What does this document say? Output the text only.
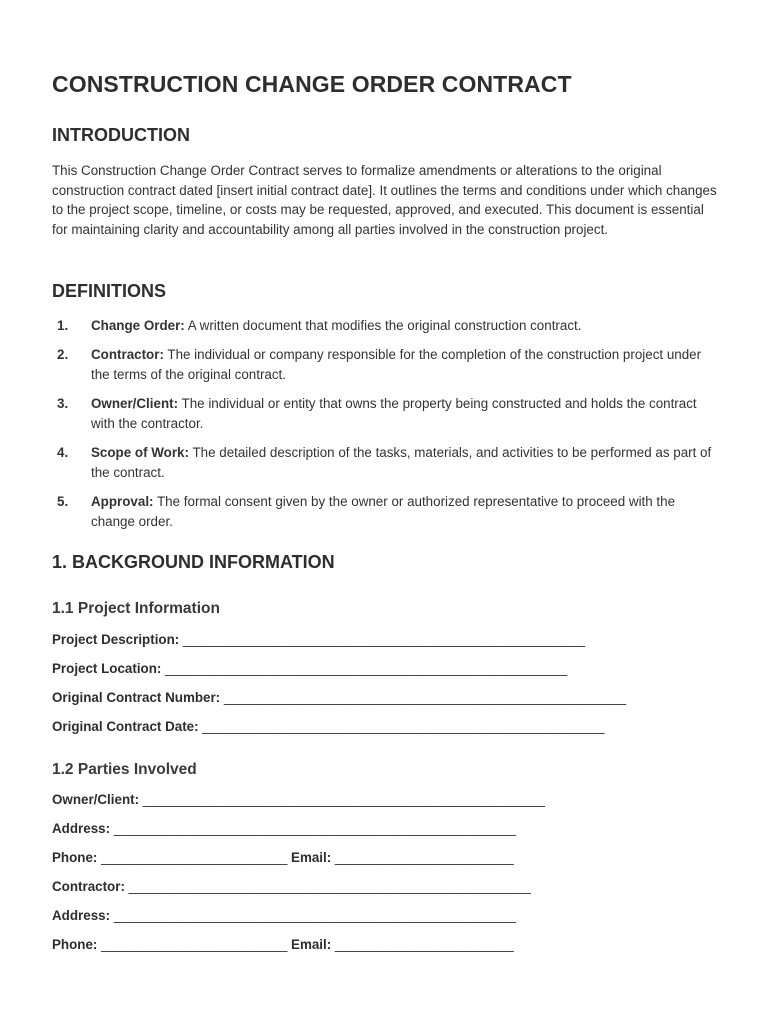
CONSTRUCTION CHANGE ORDER CONTRACT
INTRODUCTION

This Construction Change Order Contract serves to formalize amendments or alterations to the original construction contract dated [insert initial contract date]. It outlines the terms and conditions under which changes to the project scope, timeline, or costs may be requested, approved, and executed. This document is essential for maintaining clarity and accountability among all parties involved in the construction project.

DEFINITIONS
1. Change Order: A written document that modifies the original construction contract.
2. Contractor: The individual or company responsible for the completion of the construction project under the terms of the original contract.
3. Owner/Client: The individual or entity that owns the property being constructed and holds the contract with the contractor.
4. Scope of Work: The detailed description of the tasks, materials, and activities to be performed as part of the contract.
5. Approval: The formal consent given by the owner or authorized representative to proceed with the change order.
1. BACKGROUND INFORMATION
1.1 Project Information

Project Description: ______________________________________________________

Project Location: ______________________________________________________

Original Contract Number: ______________________________________________________

Original Contract Date: ______________________________________________________

1.2 Parties Involved

Owner/Client: ______________________________________________________

Address: ______________________________________________________

Phone: _________________________ Email: ________________________

Contractor: ______________________________________________________

Address: ______________________________________________________

Phone: _________________________ Email: ________________________
